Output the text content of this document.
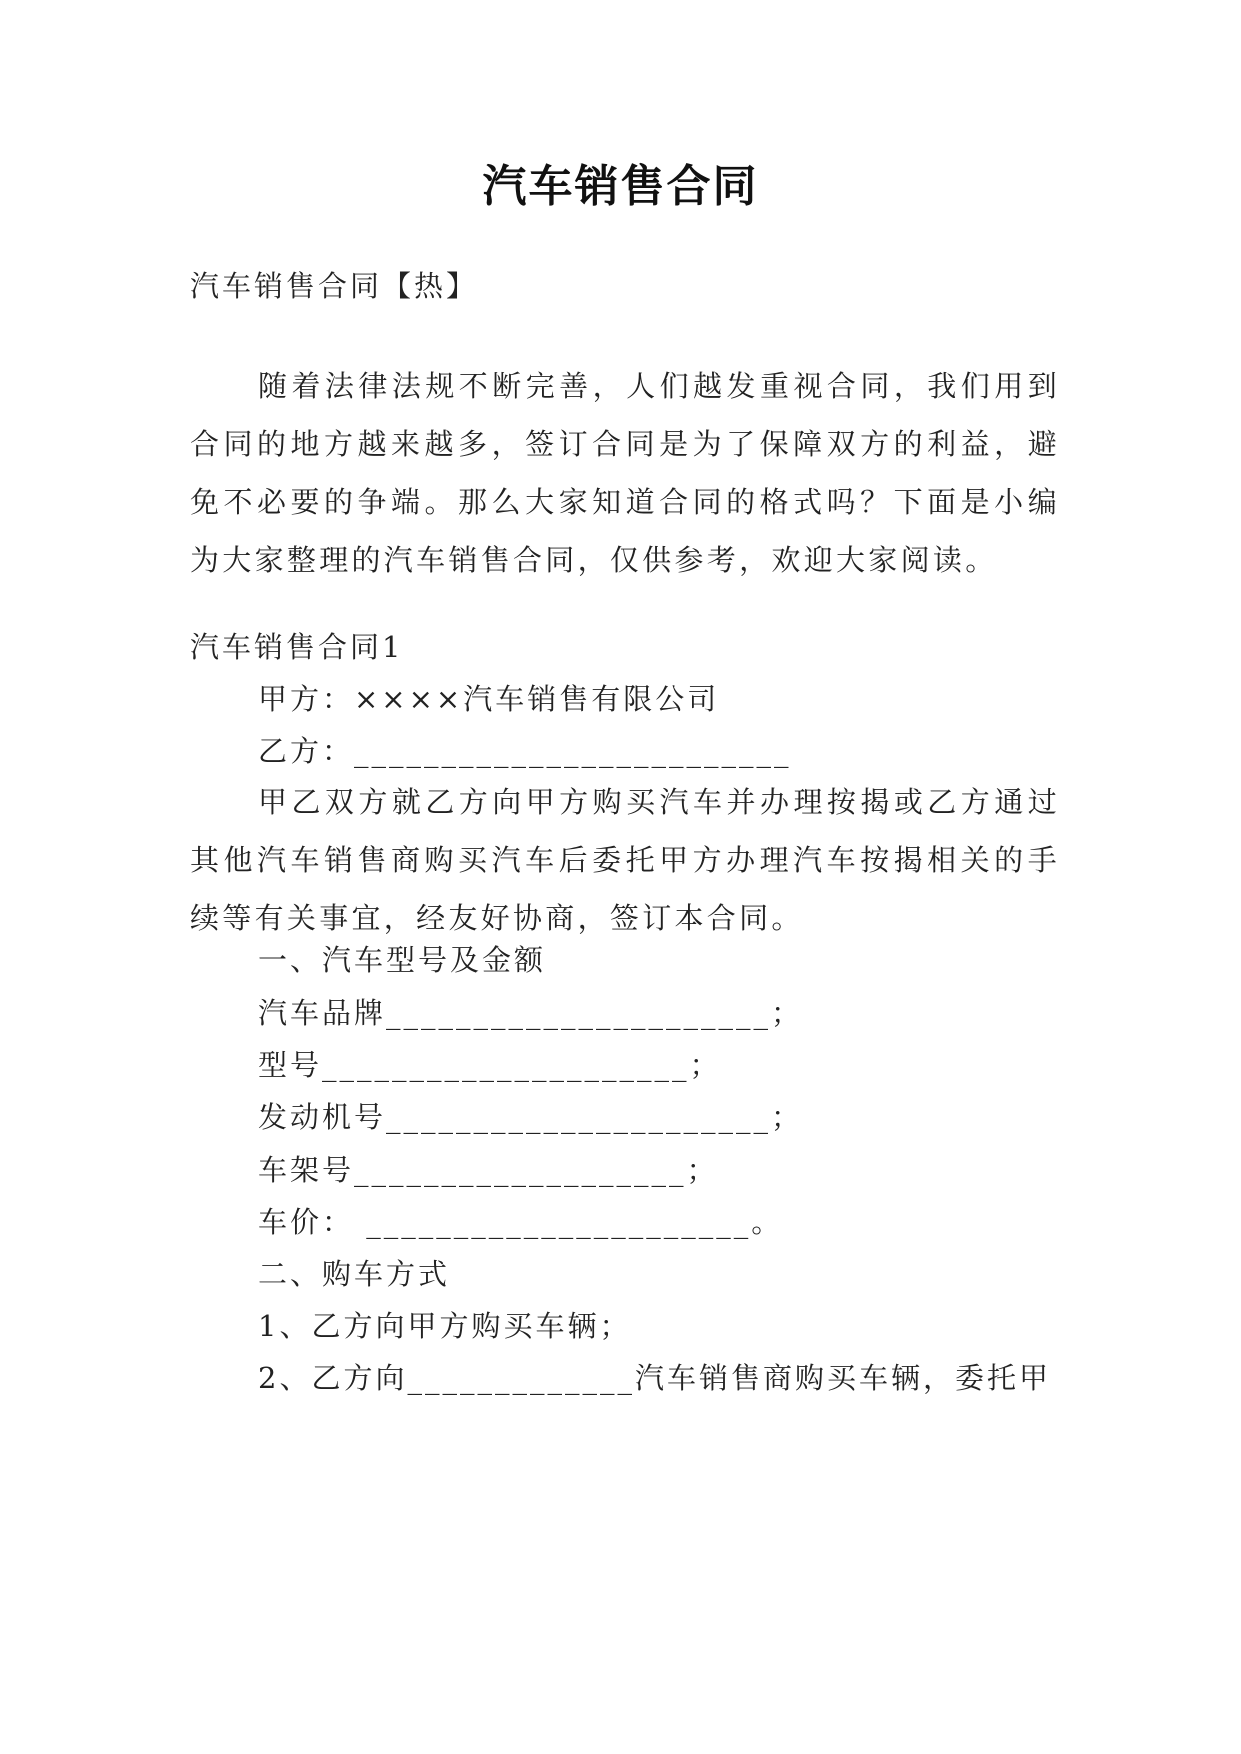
汽车销售合同
汽车销售合同【热】
随着法律法规不断完善，人们越发重视合同，我们用到合同的地方越来越多，签订合同是为了保障双方的利益，避免不必要的争端。那么大家知道合同的格式吗？下面是小编为大家整理的汽车销售合同，仅供参考，欢迎大家阅读。
汽车销售合同1
甲方：××××汽车销售有限公司
乙方：_________________________
甲乙双方就乙方向甲方购买汽车并办理按揭或乙方通过其他汽车销售商购买汽车后委托甲方办理汽车按揭相关的手续等有关事宜，经友好协商，签订本合同。
一、汽车型号及金额
汽车品牌______________________；
型号_____________________；
发动机号______________________；
车架号___________________；
车价： ______________________。
二、购车方式
1、乙方向甲方购买车辆；
2、乙方向_____________汽车销售商购买车辆，委托甲
